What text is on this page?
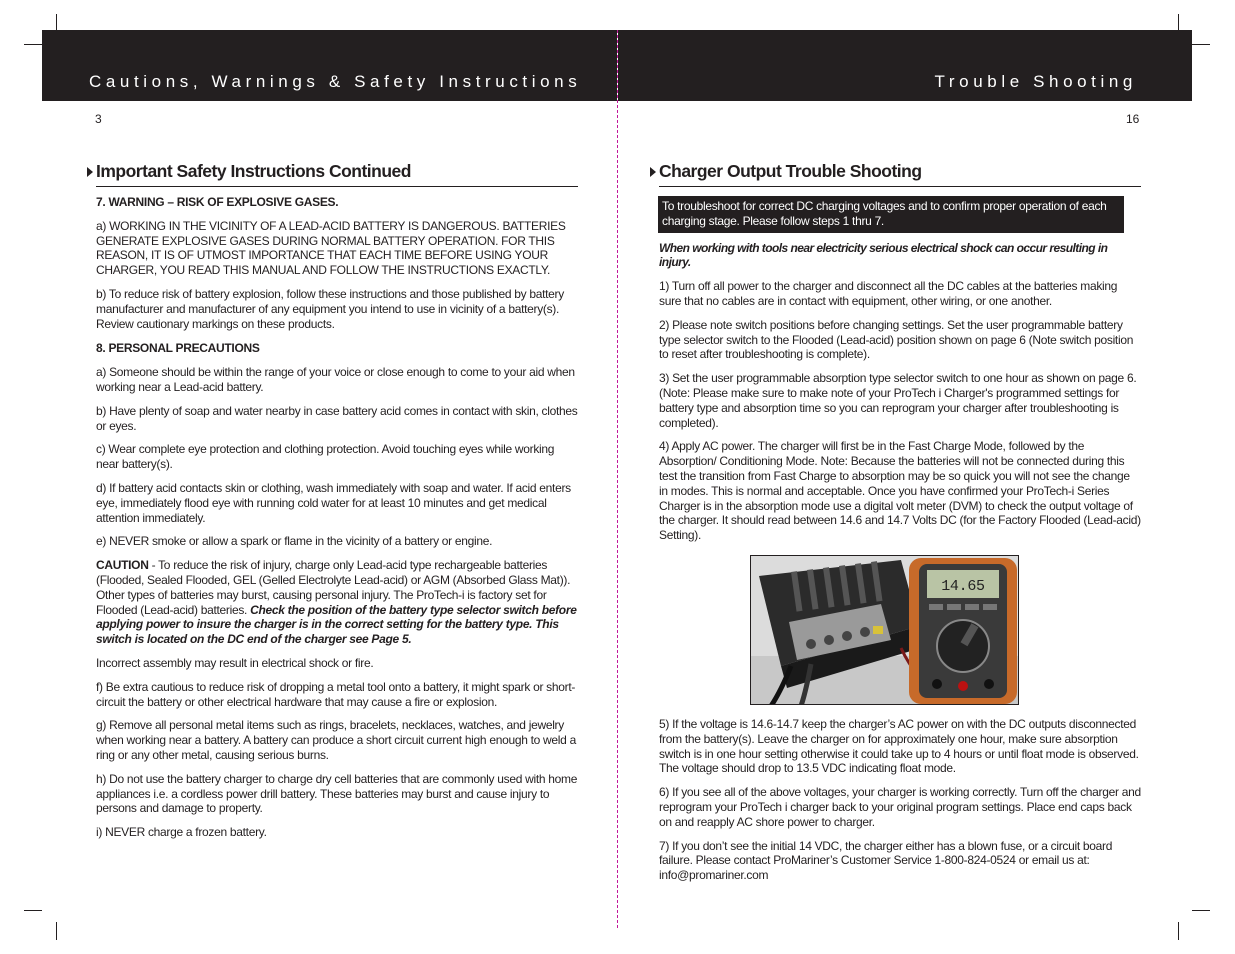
Cautions, Warnings & Safety Instructions	Trouble Shooting
3	16
Important Safety Instructions Continued
7. WARNING – RISK OF EXPLOSIVE GASES.

a) WORKING IN THE VICINITY OF A LEAD-ACID BATTERY IS DANGEROUS. BATTERIES GENERATE EXPLOSIVE GASES DURING NORMAL BATTERY OPERATION. FOR THIS REASON, IT IS OF UTMOST IMPORTANCE THAT EACH TIME BEFORE USING YOUR CHARGER, YOU READ THIS MANUAL AND FOLLOW THE INSTRUCTIONS EXACTLY.

b) To reduce risk of battery explosion, follow these instructions and those published by battery manufacturer and manufacturer of any equipment you intend to use in vicinity of a battery(s). Review cautionary markings on these products.

8. PERSONAL PRECAUTIONS

a) Someone should be within the range of your voice or close enough to come to your aid when working near a Lead-acid battery.

b) Have plenty of soap and water nearby in case battery acid comes in contact with skin, clothes or eyes.

c) Wear complete eye protection and clothing protection. Avoid touching eyes while working near battery(s).

d) If battery acid contacts skin or clothing, wash immediately with soap and water. If acid enters eye, immediately flood eye with running cold water for at least 10 minutes and get medical attention immediately.

e) NEVER smoke or allow a spark or flame in the vicinity of a battery or engine.

CAUTION - To reduce the risk of injury, charge only Lead-acid type rechargeable batteries (Flooded, Sealed Flooded, GEL (Gelled Electrolyte Lead-acid) or AGM (Absorbed Glass Mat)). Other types of batteries may burst, causing personal injury. The ProTech-i is factory set for Flooded (Lead-acid) batteries. Check the position of the battery type selector switch before applying power to insure the charger is in the correct setting for the battery type. This switch is located on the DC end of the charger see Page 5.

Incorrect assembly may result in electrical shock or fire.

f) Be extra cautious to reduce risk of dropping a metal tool onto a battery, it might spark or short-circuit the battery or other electrical hardware that may cause a fire or explosion.

g) Remove all personal metal items such as rings, bracelets, necklaces, watches, and jewelry when working near a battery. A battery can produce a short circuit current high enough to weld a ring or any other metal, causing serious burns.

h) Do not use the battery charger to charge dry cell batteries that are commonly used with home appliances i.e. a cordless power drill battery. These batteries may burst and cause injury to persons and damage to property.

i) NEVER charge a frozen battery.

Charger Output Trouble Shooting
To troubleshoot for correct DC charging voltages and to confirm proper operation of each charging stage. Please follow steps 1 thru 7.

When working with tools near electricity serious electrical shock can occur resulting in injury.

1) Turn off all power to the charger and disconnect all the DC cables at the batteries making sure that no cables are in contact with equipment, other wiring, or one another.

2) Please note switch positions before changing settings. Set the user programmable battery type selector switch to the Flooded (Lead-acid) position shown on page 6 (Note switch position to reset after troubleshooting is complete).

3) Set the user programmable absorption type selector switch to one hour as shown on page 6. (Note: Please make sure to make note of your ProTech i Charger's programmed settings for battery type and absorption time so you can reprogram your charger after troubleshooting is completed).

4) Apply AC power. The charger will first be in the Fast Charge Mode, followed by the Absorption/ Conditioning Mode. Note: Because the batteries will not be connected during this test the transition from Fast Charge to absorption may be so quick you will not see the change in modes. This is normal and acceptable. Once you have confirmed your ProTech-i Series Charger is in the absorption mode use a digital volt meter (DVM) to check the output voltage of the charger. It should read between 14.6 and 14.7 Volts DC (for the Factory Flooded (Lead-acid) Setting).

14.65

5) If the voltage is 14.6-14.7 keep the charger’s AC power on with the DC outputs disconnected from the battery(s). Leave the charger on for approximately one hour, make sure absorption switch is in one hour setting otherwise it could take up to 4 hours or until float mode is observed. The voltage should drop to 13.5 VDC indicating float mode.

6) If you see all of the above voltages, your charger is working correctly. Turn off the charger and reprogram your ProTech i charger back to your original program settings. Place end caps back on and reapply AC shore power to charger.

7) If you don’t see the initial 14 VDC, the charger either has a blown fuse, or a circuit board failure. Please contact ProMariner’s Customer Service 1-800-824-0524 or email us at: info@promariner.com
